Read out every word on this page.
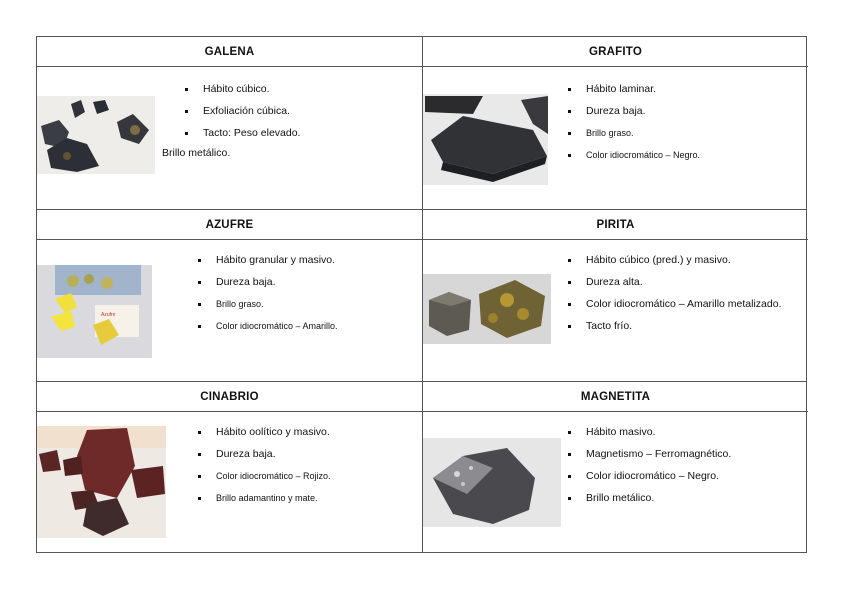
GALENA
Hábito cúbico.
Exfoliación cúbica.
Tacto: Peso elevado.
Brillo metálico.
GRAFITO
Hábito laminar.
Dureza baja.
Brillo graso.
Color idiocromático – Negro.
AZUFRE
Azufre
Hábito granular y masivo.
Dureza baja.
Brillo graso.
Color idiocromático – Amarillo.
PIRITA
Hábito cúbico (pred.) y masivo.
Dureza alta.
Color idiocromático – Amarillo metalizado.
Tacto frío.
CINABRIO
Hábito oolítico y masivo.
Dureza baja.
Color idiocromático – Rojizo.
Brillo adamantino y mate.
MAGNETITA
Hábito masivo.
Magnetismo – Ferromagnético.
Color idiocromático – Negro.
Brillo metálico.
